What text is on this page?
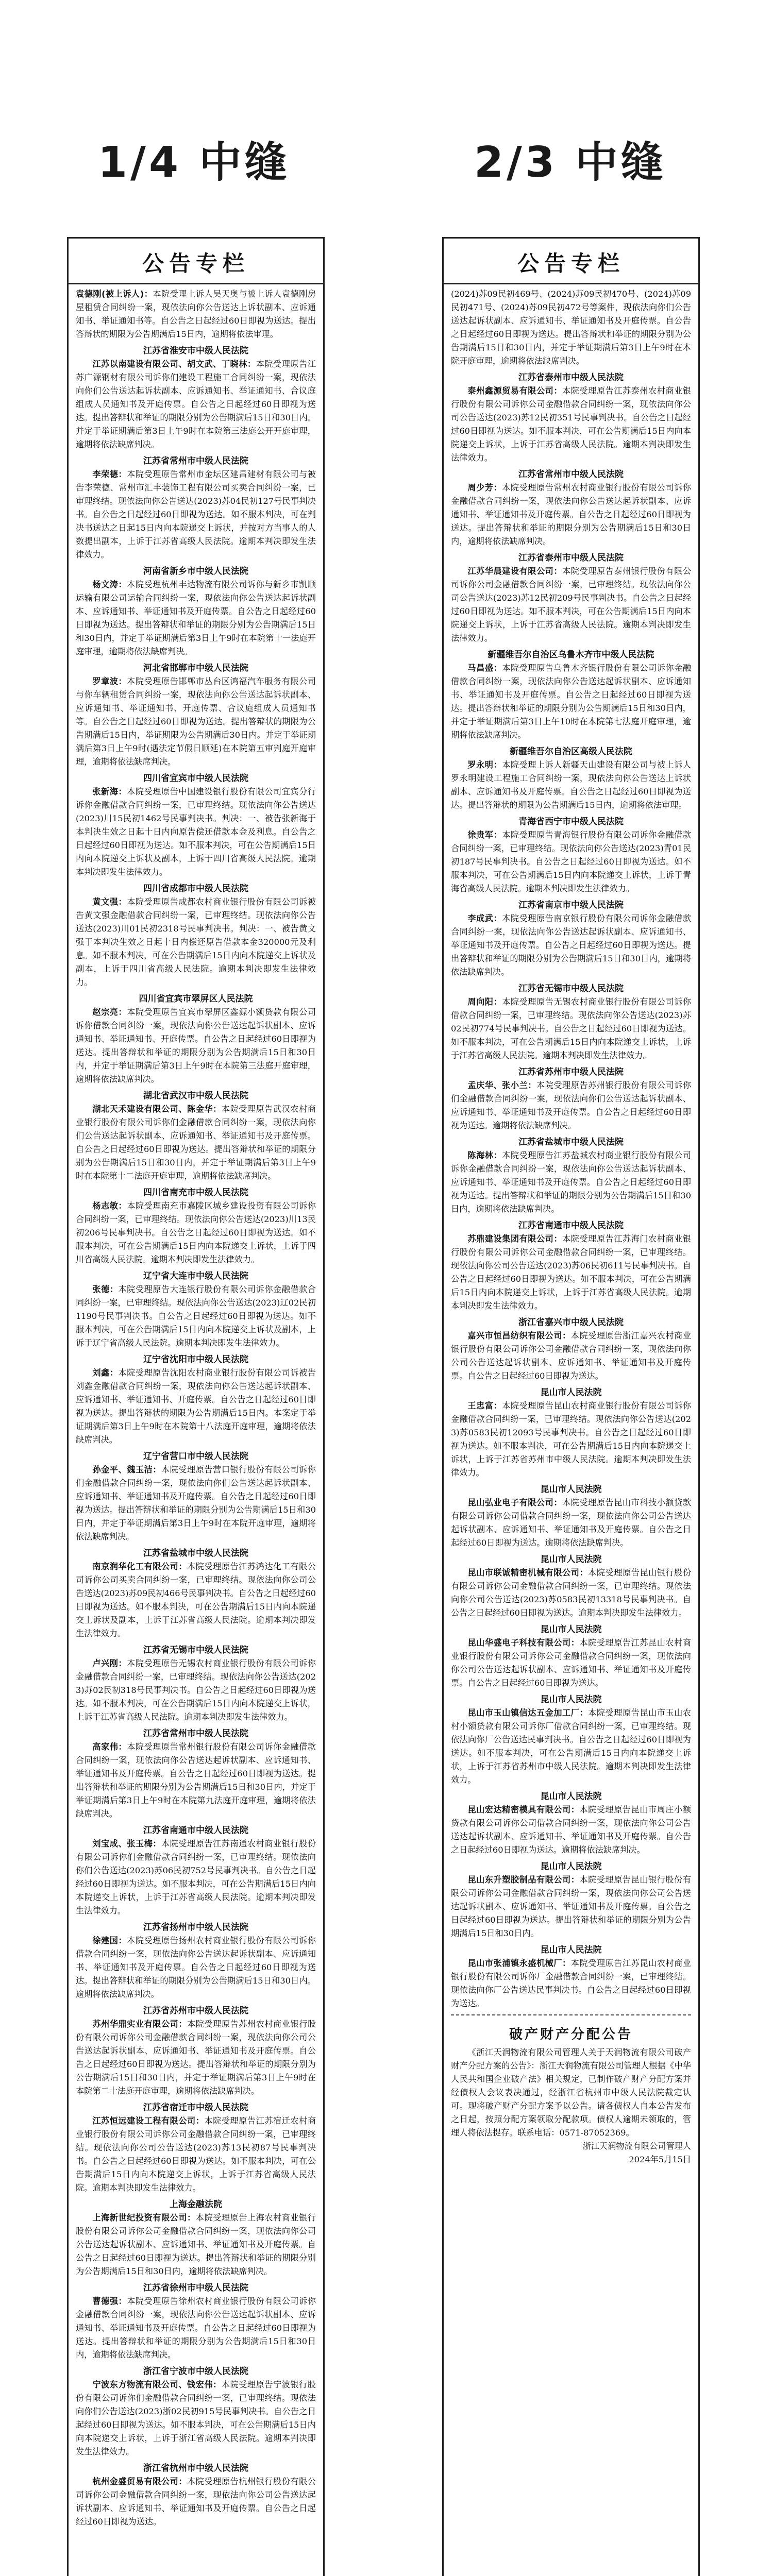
1/4 中缝	2/3 中缝
公告专栏

袁德刚(被上诉人)：本院受理上诉人吴天奥与被上诉人袁德刚房屋租赁合同纠纷一案，现依法向你公告送达上诉状副本、应诉通知书、举证通知书等。自公告之日起经过60日即视为送达。提出答辩状的期限为公告期满后15日内，逾期将依法审理。

江苏省淮安市中级人民法院

江苏以南建设有限公司、胡文武、丁晓林：本院受理原告江苏广源钢材有限公司诉你们建设工程施工合同纠纷一案，现依法向你们公告送达起诉状副本、应诉通知书、举证通知书、合议庭组成人员通知书及开庭传票。自公告之日起经过60日即视为送达。提出答辩状和举证的期限分别为公告期满后15日和30日内。并定于举证期满后第3日上午9时在本院第三法庭公开开庭审理，逾期将依法缺席判决。

江苏省常州市中级人民法院

李荣德：本院受理原告常州市金坛区建昌建材有限公司与被告李荣德、常州市汇丰装饰工程有限公司买卖合同纠纷一案，已审理终结。现依法向你公告送达(2023)苏04民初127号民事判决书。自公告之日起经过60日即视为送达。如不服本判决，可在判决书送达之日起15日内向本院递交上诉状，并按对方当事人的人数提出副本，上诉于江苏省高级人民法院。逾期本判决即发生法律效力。

河南省新乡市中级人民法院

杨文涛：本院受理杭州丰达物流有限公司诉你与新乡市凯顺运输有限公司运输合同纠纷一案，现依法向你公告送达起诉状副本、应诉通知书、举证通知书及开庭传票。自公告之日起经过60日即视为送达。提出答辩状和举证的期限分别为公告期满后15日和30日内，并定于举证期满后第3日上午9时在本院第十一法庭开庭审理，逾期将依法缺席判决。

河北省邯郸市中级人民法院

罗章波：本院受理原告邯郸市丛台区鸿福汽车服务有限公司与你车辆租赁合同纠纷一案，现依法向你公告送达起诉状副本、应诉通知书、举证通知书、开庭传票、合议庭组成人员通知书等。自公告之日起经过60日即视为送达。提出答辩状的期限为公告期满后15日内，举证期限为公告期满后30日内。并定于举证期满后第3日上午9时(遇法定节假日顺延)在本院第五审判庭开庭审理，逾期将依法缺席判决。

四川省宜宾市中级人民法院

张新海：本院受理原告中国建设银行股份有限公司宜宾分行诉你金融借款合同纠纷一案，已审理终结。现依法向你公告送达(2023)川15民初1462号民事判决书。判决：一、被告张新海于本判决生效之日起十日内向原告偿还借款本金及利息。自公告之日起经过60日即视为送达。如不服本判决，可在公告期满后15日内向本院递交上诉状及副本，上诉于四川省高级人民法院。逾期本判决即发生法律效力。

四川省成都市中级人民法院

黄文强：本院受理原告成都农村商业银行股份有限公司诉被告黄文强金融借款合同纠纷一案，已审理终结。现依法向你公告送达(2023)川01民初2318号民事判决书。判决：一、被告黄文强于本判决生效之日起十日内偿还原告借款本金320000元及利息。如不服本判决，可在公告期满后15日内向本院递交上诉状及副本，上诉于四川省高级人民法院。逾期本判决即发生法律效力。

四川省宜宾市翠屏区人民法院

赵宗亮：本院受理原告宜宾市翠屏区鑫源小额贷款有限公司诉你借款合同纠纷一案，现依法向你公告送达起诉状副本、应诉通知书、举证通知书、开庭传票。自公告之日起经过60日即视为送达。提出答辩状和举证的期限分别为公告期满后15日和30日内，并定于举证期满后第3日上午9时在本院第三法庭开庭审理，逾期将依法缺席判决。

湖北省武汉市中级人民法院

湖北天禾建设有限公司、陈金华：本院受理原告武汉农村商业银行股份有限公司诉你们金融借款合同纠纷一案，现依法向你们公告送达起诉状副本、应诉通知书、举证通知书及开庭传票。自公告之日起经过60日即视为送达。提出答辩状和举证的期限分别为公告期满后15日和30日内，并定于举证期满后第3日上午9时在本院第十二法庭开庭审理，逾期将依法缺席判决。

四川省南充市中级人民法院

杨志敏：本院受理南充市嘉陵区城乡建设投资有限公司诉你合同纠纷一案，已审理终结。现依法向你公告送达(2023)川13民初206号民事判决书。自公告之日起经过60日即视为送达。如不服本判决，可在公告期满后15日内向本院递交上诉状，上诉于四川省高级人民法院。逾期本判决即发生法律效力。

辽宁省大连市中级人民法院

张德：本院受理原告大连银行股份有限公司诉你金融借款合同纠纷一案，已审理终结。现依法向你公告送达(2023)辽02民初1190号民事判决书。自公告之日起经过60日即视为送达。如不服本判决，可在公告期满后15日内向本院递交上诉状及副本，上诉于辽宁省高级人民法院。逾期本判决即发生法律效力。

辽宁省沈阳市中级人民法院

刘鑫：本院受理原告沈阳农村商业银行股份有限公司诉被告刘鑫金融借款合同纠纷一案，现依法向你公告送达起诉状副本、应诉通知书、举证通知书、开庭传票。自公告之日起经过60日即视为送达。提出答辩状的期限为公告期满后15日内。本案定于举证期满后第3日上午9时在本院第十八法庭开庭审理，逾期将依法缺席判决。

辽宁省营口市中级人民法院

孙金平、魏玉洁：本院受理原告营口银行股份有限公司诉你们金融借款合同纠纷一案，现依法向你们公告送达起诉状副本、应诉通知书、举证通知书及开庭传票。自公告之日起经过60日即视为送达。提出答辩状和举证的期限分别为公告期满后15日和30日内，并定于举证期满后第3日上午9时在本院开庭审理，逾期将依法缺席判决。

江苏省盐城市中级人民法院

南京润华化工有限公司：本院受理原告江苏鸿达化工有限公司诉你公司买卖合同纠纷一案，已审理终结。现依法向你公司公告送达(2023)苏09民初466号民事判决书。自公告之日起经过60日即视为送达。如不服本判决，可在公告期满后15日内向本院递交上诉状及副本，上诉于江苏省高级人民法院。逾期本判决即发生法律效力。

江苏省无锡市中级人民法院

卢兴刚：本院受理原告无锡农村商业银行股份有限公司诉你金融借款合同纠纷一案，已审理终结。现依法向你公告送达(2023)苏02民初318号民事判决书。自公告之日起经过60日即视为送达。如不服本判决，可在公告期满后15日内向本院递交上诉状，上诉于江苏省高级人民法院。逾期本判决即发生法律效力。

江苏省常州市中级人民法院

高家伟：本院受理原告常州银行股份有限公司诉你金融借款合同纠纷一案，现依法向你公告送达起诉状副本、应诉通知书、举证通知书及开庭传票。自公告之日起经过60日即视为送达。提出答辩状和举证的期限分别为公告期满后15日和30日内，并定于举证期满后第3日上午9时在本院第九法庭开庭审理，逾期将依法缺席判决。

江苏省南通市中级人民法院

刘宝成、张玉梅：本院受理原告江苏南通农村商业银行股份有限公司诉你们金融借款合同纠纷一案，已审理终结。现依法向你们公告送达(2023)苏06民初752号民事判决书。自公告之日起经过60日即视为送达。如不服本判决，可在公告期满后15日内向本院递交上诉状，上诉于江苏省高级人民法院。逾期本判决即发生法律效力。

江苏省扬州市中级人民法院

徐建国：本院受理原告扬州农村商业银行股份有限公司诉你借款合同纠纷一案，现依法向你公告送达起诉状副本、应诉通知书、举证通知书及开庭传票。自公告之日起经过60日即视为送达。提出答辩状和举证的期限分别为公告期满后15日和30日内。逾期将依法缺席判决。

江苏省苏州市中级人民法院

苏州华鼎实业有限公司：本院受理原告苏州农村商业银行股份有限公司诉你公司金融借款合同纠纷一案，现依法向你公司公告送达起诉状副本、应诉通知书、举证通知书及开庭传票。自公告之日起经过60日即视为送达。提出答辩状和举证的期限分别为公告期满后15日和30日内，并定于举证期满后第3日上午9时在本院第二十法庭开庭审理，逾期将依法缺席判决。

江苏省宿迁市中级人民法院

江苏恒远建设工程有限公司：本院受理原告江苏宿迁农村商业银行股份有限公司诉你公司金融借款合同纠纷一案，已审理终结。现依法向你公司公告送达(2023)苏13民初87号民事判决书。自公告之日起经过60日即视为送达。如不服本判决，可在公告期满后15日内向本院递交上诉状，上诉于江苏省高级人民法院。逾期本判决即发生法律效力。

上海金融法院

上海新世纪投资有限公司：本院受理原告上海农村商业银行股份有限公司诉你公司金融借款合同纠纷一案，现依法向你公司公告送达起诉状副本、应诉通知书、举证通知书及开庭传票。自公告之日起经过60日即视为送达。提出答辩状和举证的期限分别为公告期满后15日和30日内，逾期将依法缺席判决。

江苏省徐州市中级人民法院

曹德强：本院受理原告徐州农村商业银行股份有限公司诉你金融借款合同纠纷一案，现依法向你公告送达起诉状副本、应诉通知书、举证通知书及开庭传票。自公告之日起经过60日即视为送达。提出答辩状和举证的期限分别为公告期满后15日和30日内，逾期将依法缺席判决。

浙江省宁波市中级人民法院

宁波东方物流有限公司、钱宏伟：本院受理原告宁波银行股份有限公司诉你们金融借款合同纠纷一案，已审理终结。现依法向你们公告送达(2023)浙02民初915号民事判决书。自公告之日起经过60日即视为送达。如不服本判决，可在公告期满后15日内向本院递交上诉状，上诉于浙江省高级人民法院。逾期本判决即发生法律效力。

浙江省杭州市中级人民法院

杭州金盛贸易有限公司：本院受理原告杭州银行股份有限公司诉你公司金融借款合同纠纷一案，现依法向你公司公告送达起诉状副本、应诉通知书、举证通知书及开庭传票。自公告之日起经过60日即视为送达。

公告专栏

(2024)苏09民初469号、(2024)苏09民初470号、(2024)苏09民初471号、(2024)苏09民初472号等案件，现依法向你们公告送达起诉状副本、应诉通知书、举证通知书及开庭传票。自公告之日起经过60日即视为送达。提出答辩状和举证的期限分别为公告期满后15日和30日内，并定于举证期满后第3日上午9时在本院开庭审理，逾期将依法缺席判决。

江苏省泰州市中级人民法院

泰州鑫源贸易有限公司：本院受理原告江苏泰州农村商业银行股份有限公司诉你公司金融借款合同纠纷一案，现依法向你公司公告送达(2023)苏12民初351号民事判决书。自公告之日起经过60日即视为送达。如不服本判决，可在公告期满后15日内向本院递交上诉状，上诉于江苏省高级人民法院。逾期本判决即发生法律效力。

江苏省常州市中级人民法院

周少芳：本院受理原告常州农村商业银行股份有限公司诉你金融借款合同纠纷一案，现依法向你公告送达起诉状副本、应诉通知书、举证通知书及开庭传票。自公告之日起经过60日即视为送达。提出答辩状和举证的期限分别为公告期满后15日和30日内，逾期将依法缺席判决。

江苏省泰州市中级人民法院

江苏华晨建设有限公司：本院受理原告泰州银行股份有限公司诉你公司金融借款合同纠纷一案，已审理终结。现依法向你公司公告送达(2023)苏12民初209号民事判决书。自公告之日起经过60日即视为送达。如不服本判决，可在公告期满后15日内向本院递交上诉状，上诉于江苏省高级人民法院。逾期本判决即发生法律效力。

新疆维吾尔自治区乌鲁木齐市中级人民法院

马昌盛：本院受理原告乌鲁木齐银行股份有限公司诉你金融借款合同纠纷一案，现依法向你公告送达起诉状副本、应诉通知书、举证通知书及开庭传票。自公告之日起经过60日即视为送达。提出答辩状和举证的期限分别为公告期满后15日和30日内，并定于举证期满后第3日上午10时在本院第七法庭开庭审理，逾期将依法缺席判决。

新疆维吾尔自治区高级人民法院

罗永明：本院受理上诉人新疆天山建设有限公司与被上诉人罗永明建设工程施工合同纠纷一案，现依法向你公告送达上诉状副本、应诉通知书及开庭传票。自公告之日起经过60日即视为送达。提出答辩状的期限为公告期满后15日内，逾期将依法审理。

青海省西宁市中级人民法院

徐贵军：本院受理原告青海银行股份有限公司诉你金融借款合同纠纷一案，已审理终结。现依法向你公告送达(2023)青01民初187号民事判决书。自公告之日起经过60日即视为送达。如不服本判决，可在公告期满后15日内向本院递交上诉状，上诉于青海省高级人民法院。逾期本判决即发生法律效力。

江苏省南京市中级人民法院

李成武：本院受理原告南京银行股份有限公司诉你金融借款合同纠纷一案，现依法向你公告送达起诉状副本、应诉通知书、举证通知书及开庭传票。自公告之日起经过60日即视为送达。提出答辩状和举证的期限分别为公告期满后15日和30日内，逾期将依法缺席判决。

江苏省无锡市中级人民法院

周向阳：本院受理原告无锡农村商业银行股份有限公司诉你借款合同纠纷一案，已审理终结。现依法向你公告送达(2023)苏02民初774号民事判决书。自公告之日起经过60日即视为送达。如不服本判决，可在公告期满后15日内向本院递交上诉状，上诉于江苏省高级人民法院。逾期本判决即发生法律效力。

江苏省苏州市中级人民法院

孟庆华、张小兰：本院受理原告苏州银行股份有限公司诉你们金融借款合同纠纷一案，现依法向你们公告送达起诉状副本、应诉通知书、举证通知书及开庭传票。自公告之日起经过60日即视为送达。逾期将依法缺席判决。

江苏省盐城市中级人民法院

陈海林：本院受理原告江苏盐城农村商业银行股份有限公司诉你金融借款合同纠纷一案，现依法向你公告送达起诉状副本、应诉通知书、举证通知书及开庭传票。自公告之日起经过60日即视为送达。提出答辩状和举证的期限分别为公告期满后15日和30日内，逾期将依法缺席判决。

江苏省南通市中级人民法院

苏鼎建设集团有限公司：本院受理原告江苏海门农村商业银行股份有限公司诉你公司金融借款合同纠纷一案，已审理终结。现依法向你公司公告送达(2023)苏06民初611号民事判决书。自公告之日起经过60日即视为送达。如不服本判决，可在公告期满后15日内向本院递交上诉状，上诉于江苏省高级人民法院。逾期本判决即发生法律效力。

浙江省嘉兴市中级人民法院

嘉兴市恒昌纺织有限公司：本院受理原告浙江嘉兴农村商业银行股份有限公司诉你公司金融借款合同纠纷一案，现依法向你公司公告送达起诉状副本、应诉通知书、举证通知书及开庭传票。自公告之日起经过60日即视为送达。

昆山市人民法院

王忠富：本院受理原告昆山农村商业银行股份有限公司诉你金融借款合同纠纷一案，已审理终结。现依法向你公告送达(2023)苏0583民初12093号民事判决书。自公告之日起经过60日即视为送达。如不服本判决，可在公告期满后15日内向本院递交上诉状，上诉于江苏省苏州市中级人民法院。逾期本判决即发生法律效力。

昆山市人民法院

昆山弘业电子有限公司：本院受理原告昆山市科技小额贷款有限公司诉你公司借款合同纠纷一案，现依法向你公司公告送达起诉状副本、应诉通知书、举证通知书及开庭传票。自公告之日起经过60日即视为送达。逾期将依法缺席判决。

昆山市人民法院

昆山市联诚精密机械有限公司：本院受理原告昆山银行股份有限公司诉你公司金融借款合同纠纷一案，已审理终结。现依法向你公司公告送达(2023)苏0583民初13318号民事判决书。自公告之日起经过60日即视为送达。逾期本判决即发生法律效力。

昆山市人民法院

昆山华盛电子科技有限公司：本院受理原告江苏昆山农村商业银行股份有限公司诉你公司金融借款合同纠纷一案，现依法向你公司公告送达起诉状副本、应诉通知书、举证通知书及开庭传票。自公告之日起经过60日即视为送达。

昆山市人民法院

昆山市玉山镇信达五金加工厂：本院受理原告昆山市玉山农村小额贷款有限公司诉你厂借款合同纠纷一案，已审理终结。现依法向你厂公告送达民事判决书。自公告之日起经过60日即视为送达。如不服本判决，可在公告期满后15日内向本院递交上诉状，上诉于江苏省苏州市中级人民法院。逾期本判决即发生法律效力。

昆山市人民法院

昆山宏达精密模具有限公司：本院受理原告昆山市周庄小额贷款有限公司诉你公司借款合同纠纷一案，现依法向你公司公告送达起诉状副本、应诉通知书、举证通知书及开庭传票。自公告之日起经过60日即视为送达。逾期将依法缺席判决。

昆山市人民法院

昆山东升塑胶制品有限公司：本院受理原告昆山银行股份有限公司诉你公司金融借款合同纠纷一案，现依法向你公司公告送达起诉状副本、应诉通知书、举证通知书及开庭传票。自公告之日起经过60日即视为送达。提出答辩状和举证的期限分别为公告期满后15日和30日内。

昆山市人民法院

昆山市张浦镇永盛机械厂：本院受理原告江苏昆山农村商业银行股份有限公司诉你厂金融借款合同纠纷一案，已审理终结。现依法向你厂公告送达民事判决书。自公告之日起经过60日即视为送达。

破产财产分配公告

《浙江天润物流有限公司管理人关于天润物流有限公司破产财产分配方案的公告》：浙江天润物流有限公司管理人根据《中华人民共和国企业破产法》相关规定，已制作破产财产分配方案并经债权人会议表决通过，经浙江省杭州市中级人民法院裁定认可。现将破产财产分配方案予以公告。请各债权人自本公告发布之日起，按照分配方案领取分配款项。债权人逾期未领取的，管理人将依法提存。联系电话：0571-87052369。

浙江天润物流有限公司管理人
2024年5月15日
